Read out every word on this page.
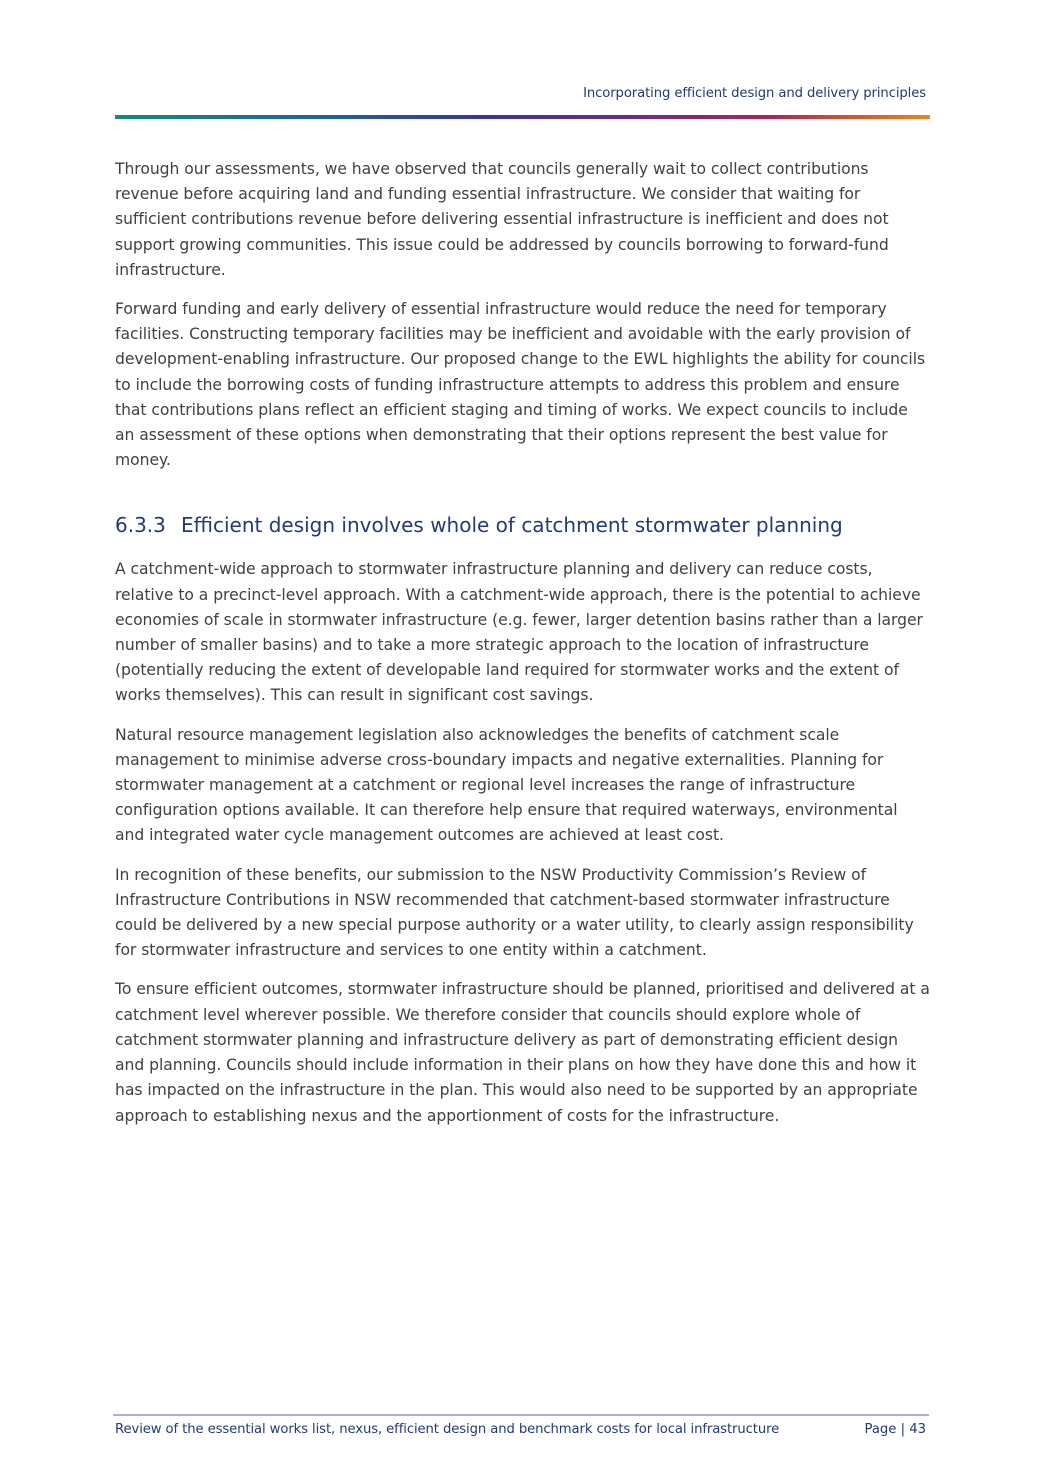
Incorporating efficient design and delivery principles

Through our assessments, we have observed that councils generally wait to collect contributions revenue before acquiring land and funding essential infrastructure. We consider that waiting for sufficient contributions revenue before delivering essential infrastructure is inefficient and does not support growing communities. This issue could be addressed by councils borrowing to forward-fund infrastructure.

Forward funding and early delivery of essential infrastructure would reduce the need for temporary facilities. Constructing temporary facilities may be inefficient and avoidable with the early provision of development-enabling infrastructure. Our proposed change to the EWL highlights the ability for councils to include the borrowing costs of funding infrastructure attempts to address this problem and ensure that contributions plans reflect an efficient staging and timing of works. We expect councils to include an assessment of these options when demonstrating that their options represent the best value for money.

6.3.3 Efficient design involves whole of catchment stormwater planning

A catchment-wide approach to stormwater infrastructure planning and delivery can reduce costs, relative to a precinct-level approach. With a catchment-wide approach, there is the potential to achieve economies of scale in stormwater infrastructure (e.g. fewer, larger detention basins rather than a larger number of smaller basins) and to take a more strategic approach to the location of infrastructure (potentially reducing the extent of developable land required for stormwater works and the extent of works themselves). This can result in significant cost savings.

Natural resource management legislation also acknowledges the benefits of catchment scale management to minimise adverse cross-boundary impacts and negative externalities. Planning for stormwater management at a catchment or regional level increases the range of infrastructure configuration options available. It can therefore help ensure that required waterways, environmental and integrated water cycle management outcomes are achieved at least cost.

In recognition of these benefits, our submission to the NSW Productivity Commission’s Review of Infrastructure Contributions in NSW recommended that catchment-based stormwater infrastructure could be delivered by a new special purpose authority or a water utility, to clearly assign responsibility for stormwater infrastructure and services to one entity within a catchment.

To ensure efficient outcomes, stormwater infrastructure should be planned, prioritised and delivered at a catchment level wherever possible. We therefore consider that councils should explore whole of catchment stormwater planning and infrastructure delivery as part of demonstrating efficient design and planning. Councils should include information in their plans on how they have done this and how it has impacted on the infrastructure in the plan. This would also need to be supported by an appropriate approach to establishing nexus and the apportionment of costs for the infrastructure.

Review of the essential works list, nexus, efficient design and benchmark costs for local infrastructure	Page | 43
